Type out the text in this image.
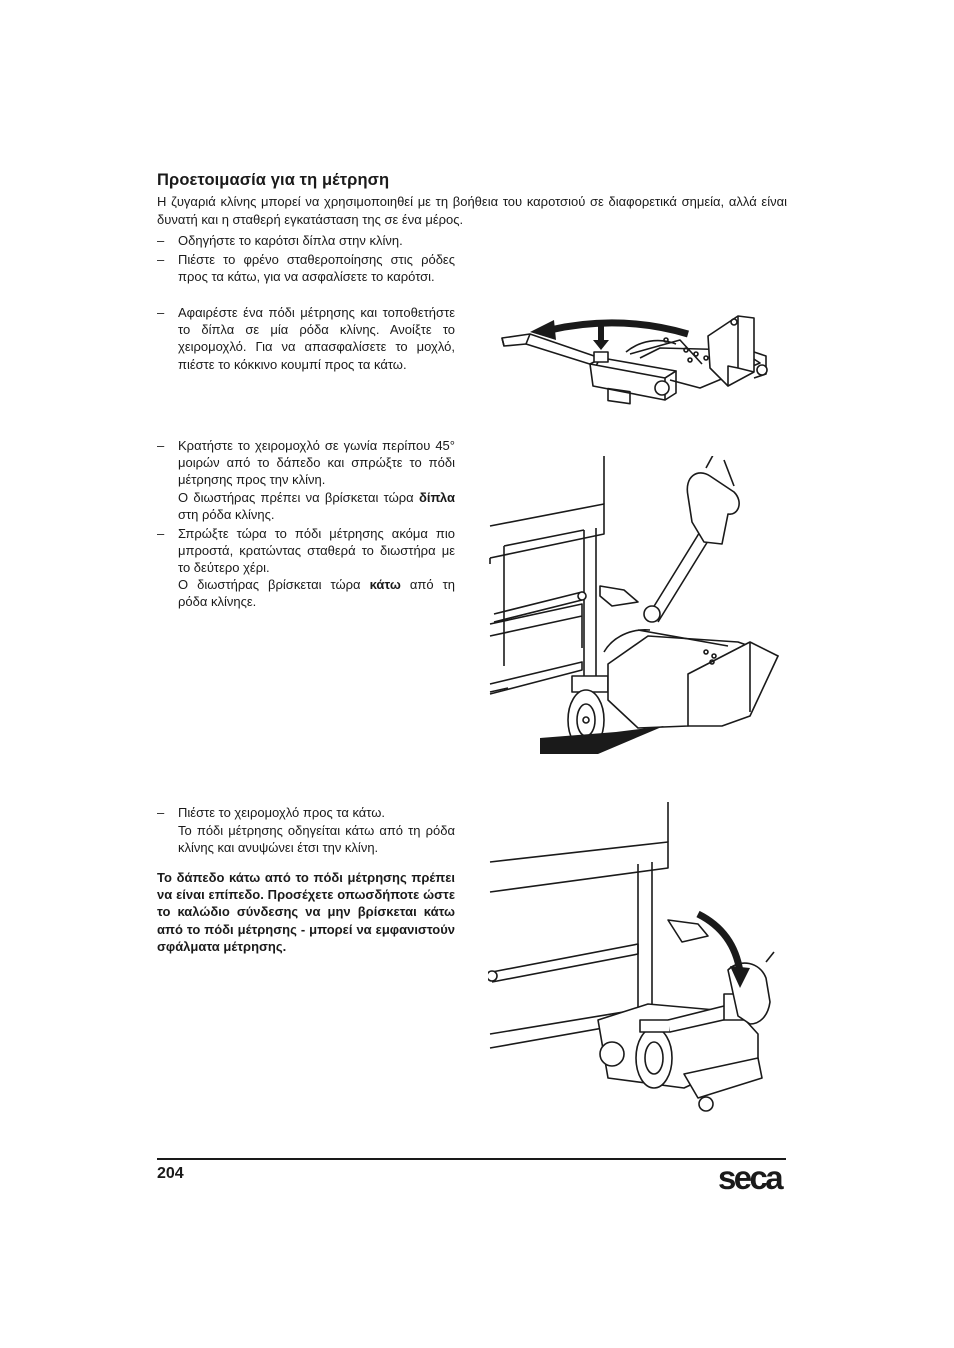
Προετοιμασία για τη μέτρηση

Η ζυγαριά κλίνης μπορεί να χρησιμοποιηθεί με τη βοήθεια του καροτσιού σε διαφορετικά σημεία, αλλά είναι δυνατή και η σταθερή εγκατάσταση της σε ένα μέρος.

–	Οδηγήστε το καρότσι δίπλα στην κλίνη.
–	Πιέστε το φρένο σταθεροποίησης στις ρόδες προς τα κάτω, για να ασφαλίσετε το καρότσι.
–	Αφαιρέστε ένα πόδι μέτρησης και τοποθετήστε το δίπλα σε μία ρόδα κλίνης. Ανοίξτε το χειρομοχλό. Για να απασφαλίσετε το μοχλό, πιέστε το κόκκινο κουμπί προς τα κάτω.
–	Κρατήστε το χειρομοχλό σε γωνία περίπου 45° μοιρών από το δάπεδο και σπρώξτε το πόδι μέτρησης προς την κλίνη.
Ο διωστήρας πρέπει να βρίσκεται τώρα δίπλα στη ρόδα κλίνης.
–	Σπρώξτε τώρα το πόδι μέτρησης ακόμα πιο μπροστά, κρατώντας σταθερά το διωστήρα με το δεύτερο χέρι.
Ο διωστήρας βρίσκεται τώρα κάτω από τη ρόδα κλίνηςε.
–	Πιέστε το χειρομοχλό προς τα κάτω.
Το πόδι μέτρησης οδηγείται κάτω από τη ρόδα κλίνης και ανυψώνει έτσι την κλίνη.
Το δάπεδο κάτω από το πόδι μέτρησης πρέπει να είναι επίπεδο. Προσέχετε οπωσδήποτε ώστε το καλώδιο σύνδεσης να μην βρίσκεται κάτω από το πόδι μέτρησης - μπορεί να εμφανιστούν σφάλματα μέτρησης.
204	seca
